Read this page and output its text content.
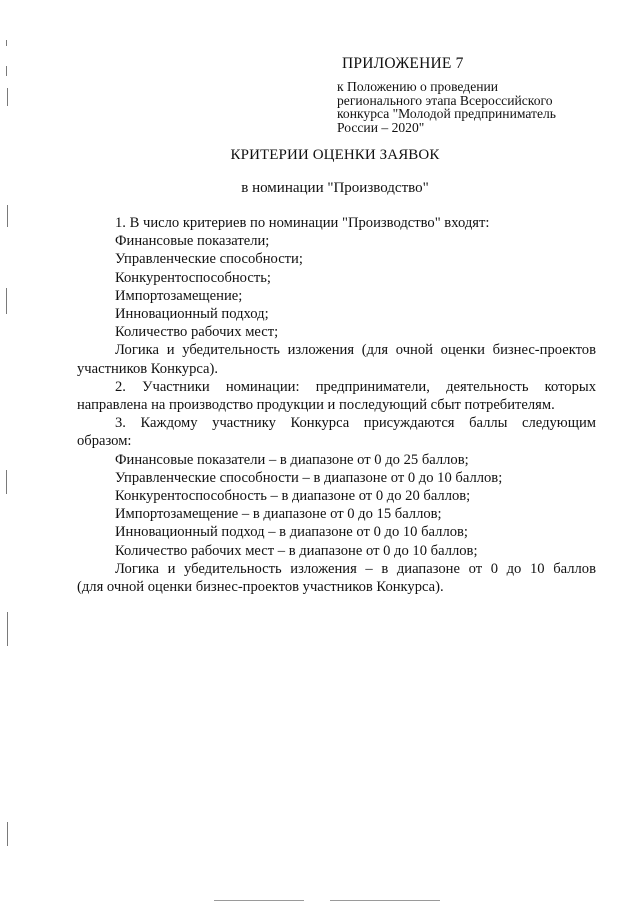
ПРИЛОЖЕНИЕ 7
к Положению о проведении
регионального этапа Всероссийского
конкурса "Молодой предприниматель
России – 2020"
КРИТЕРИИ ОЦЕНКИ ЗАЯВОК
в номинации "Производство"

1. В число критериев по номинации "Производство" входят:

Финансовые показатели;

Управленческие способности;

Конкурентоспособность;

Импортозамещение;

Инновационный подход;

Количество рабочих мест;

Логика и убедительность изложения (для очной оценки бизнес-проектов

участников Конкурса).

2. Участники номинации: предприниматели, деятельность которых

направлена на производство продукции и последующий сбыт потребителям.

3. Каждому участнику Конкурса присуждаются баллы следующим

образом:

Финансовые показатели – в диапазоне от 0 до 25 баллов;

Управленческие способности – в диапазоне от 0 до 10 баллов;

Конкурентоспособность – в диапазоне от 0 до 20 баллов;

Импортозамещение – в диапазоне от 0 до 15 баллов;

Инновационный подход – в диапазоне от 0 до 10 баллов;

Количество рабочих мест – в диапазоне от 0 до 10 баллов;

Логика и убедительность изложения – в диапазоне от 0 до 10 баллов

(для очной оценки бизнес-проектов участников Конкурса).
